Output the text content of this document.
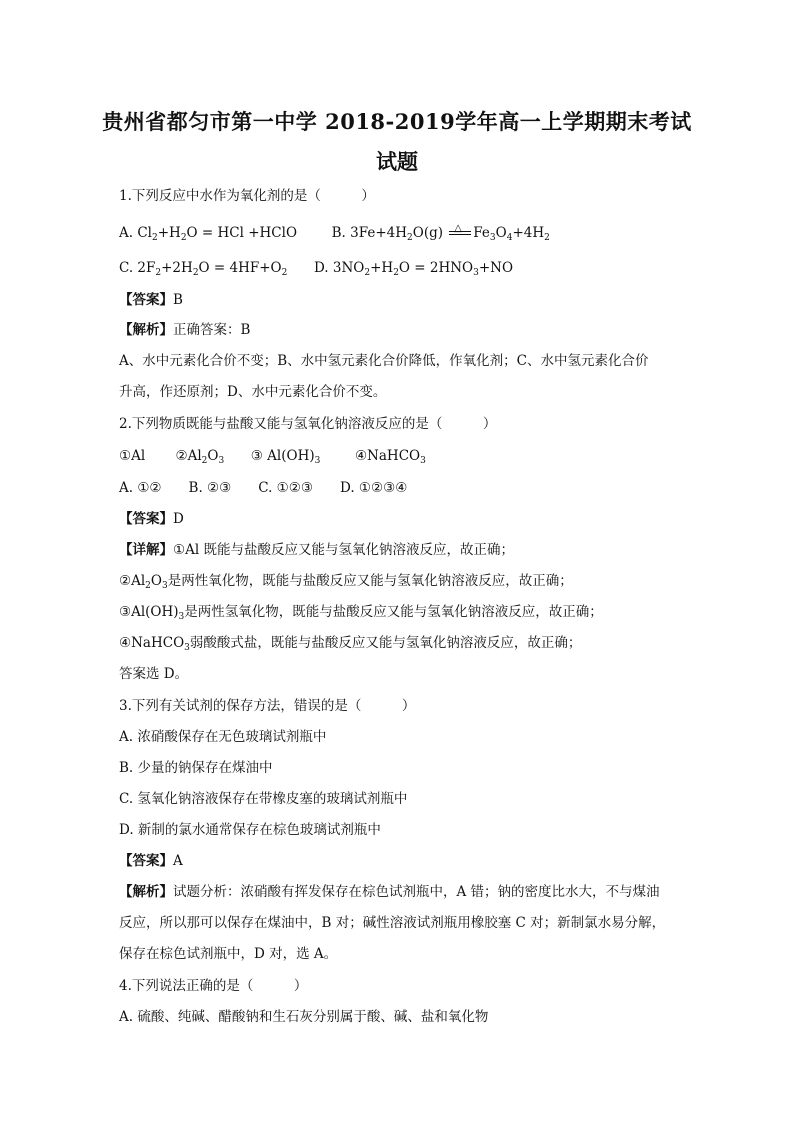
贵州省都匀市第一中学 2018-2019学年高一上学期期末考试
试题
1.下列反应中水作为氧化剂的是（　　　）
A. $Cl_2+H_2O$ = HCl +HClO	B. $3Fe+4H_2O(g)$ △ $Fe_3O_4+4H_2$
C. $2F_2+2H_2O = 4HF+O_2$ D. $3NO_2+H_2O = 2HNO_3+NO$
【答案】B
【解析】正确答案：B
A、水中元素化合价不变；B、水中氢元素化合价降低，作氧化剂；C、水中氢元素化合价
升高，作还原剂；D、水中元素化合价不变。
2.下列物质既能与盐酸又能与氢氧化钠溶液反应的是（　　　）
①Al $②Al_2O_3$ ③ $Al(OH)_3$	④NaHCO$_3$
A. ①②　　B. ②③　　C. ①②③　　D. ①②③④
【答案】D
【详解】①Al 既能与盐酸反应又能与氢氧化钠溶液反应，故正确；
$②Al_2O_3$是两性氧化物，既能与盐酸反应又能与氢氧化钠溶液反应，故正确；
$③Al(OH)_3$是两性氢氧化物，既能与盐酸反应又能与氢氧化钠溶液反应，故正确；
④NaHCO$_3$弱酸酸式盐，既能与盐酸反应又能与氢氧化钠溶液反应，故正确；
答案选 D。
3.下列有关试剂的保存方法，错误的是（　　　）
A. 浓硝酸保存在无色玻璃试剂瓶中
B. 少量的钠保存在煤油中
C. 氢氧化钠溶液保存在带橡皮塞的玻璃试剂瓶中
D. 新制的氯水通常保存在棕色玻璃试剂瓶中
【答案】A
【解析】试题分析：浓硝酸有挥发保存在棕色试剂瓶中，A 错；钠的密度比水大，不与煤油
反应，所以那可以保存在煤油中，B 对；碱性溶液试剂瓶用橡胶塞 C 对；新制氯水易分解，
保存在棕色试剂瓶中，D 对，选 A。
4.下列说法正确的是（　　　）
A. 硫酸、纯碱、醋酸钠和生石灰分别属于酸、碱、盐和氧化物
